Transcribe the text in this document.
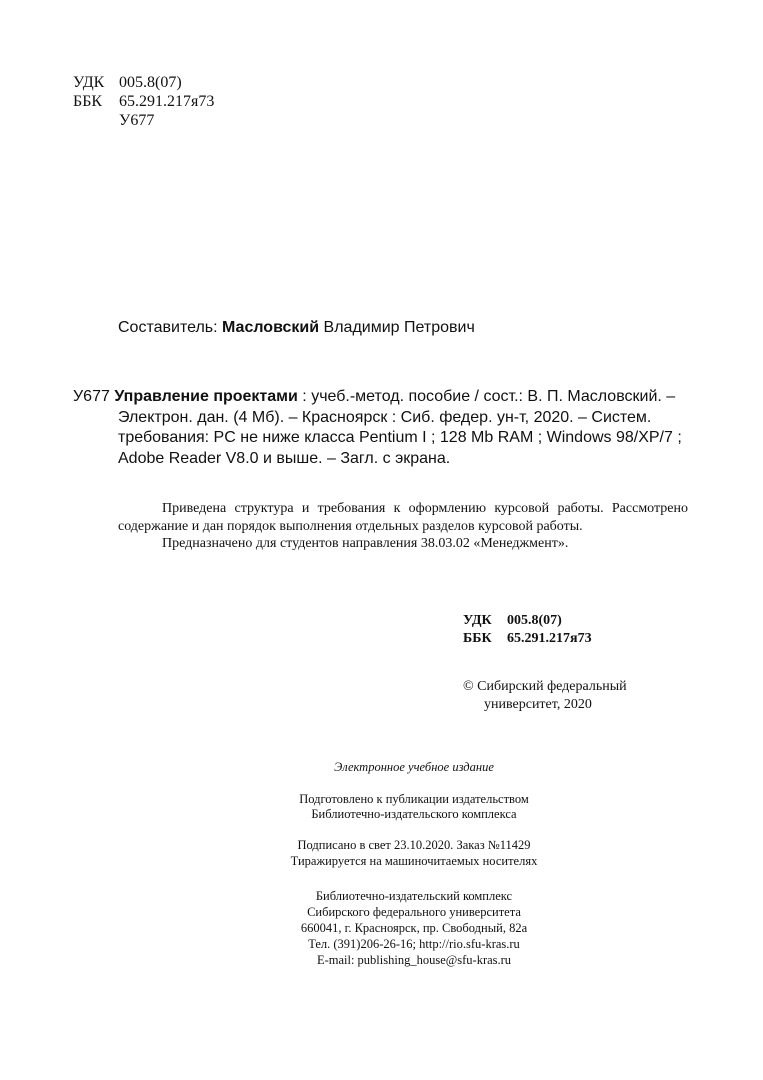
УДК 005.8(07)
ББК 65.291.217я73
У677
Составитель: Масловский Владимир Петрович
У677 Управление проектами : учеб.-метод. пособие / сост.: В. П. Масловский. –
Электрон. дан. (4 Мб). – Красноярск : Сиб. федер. ун-т, 2020. – Систем.
требования: PC не ниже класса Pentium I ; 128 Mb RAM ; Windows 98/XP/7 ;
Adobe Reader V8.0 и выше. – Загл. с экрана.
Приведена структура и требования к оформлению курсовой работы. Рассмотрено содержание и дан порядок выполнения отдельных разделов курсовой работы.
Предназначено для студентов направления 38.03.02 «Менеджмент».
УДК 005.8(07)
ББК 65.291.217я73
© Сибирский федеральный
университет, 2020
Электронное учебное издание
Подготовлено к публикации издательством
Библиотечно-издательского комплекса
Подписано в свет 23.10.2020. Заказ №11429
Тиражируется на машиночитаемых носителях
Библиотечно-издательский комплекс
Сибирского федерального университета
660041, г. Красноярск, пр. Свободный, 82а
Тел. (391)206-26-16; http://rio.sfu-kras.ru
E-mail: publishing_house@sfu-kras.ru
